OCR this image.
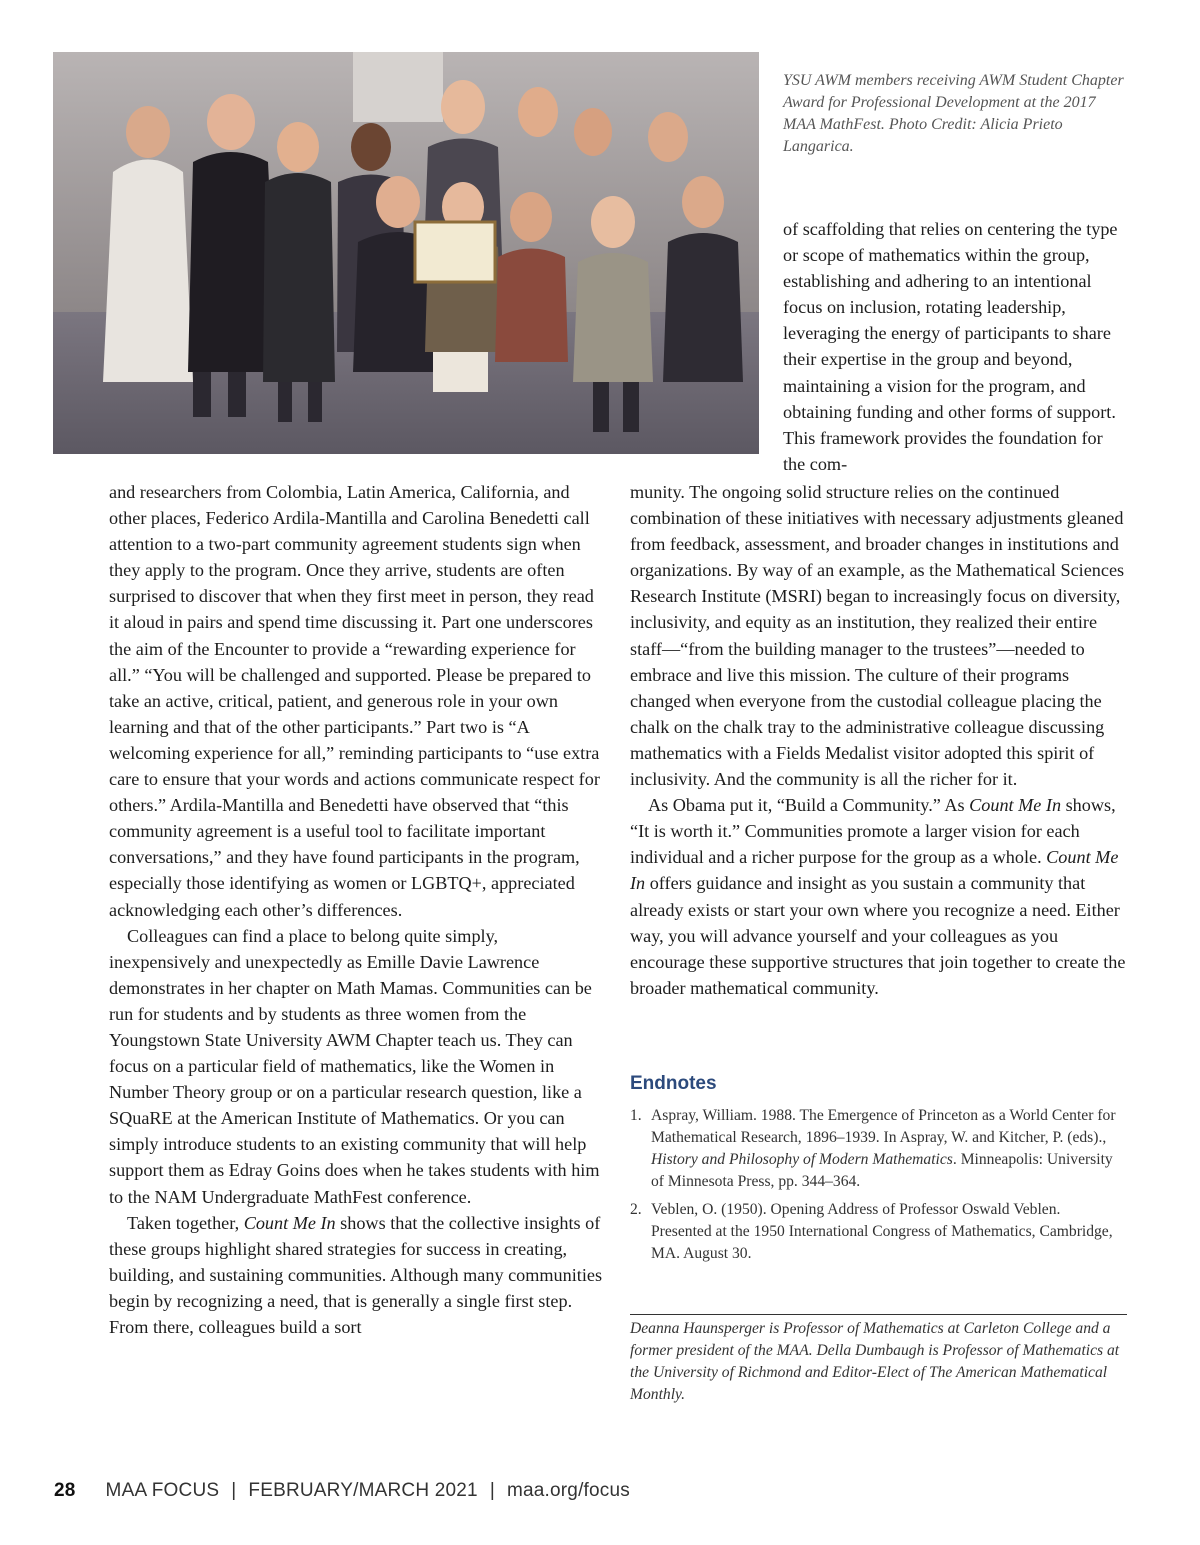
YSU AWM members receiving AWM Student Chapter Award for Professional Development at the 2017 MAA MathFest. Photo Credit: Alicia Prieto Langarica.

of scaffolding that relies on centering the type or scope of mathematics within the group, establishing and adhering to an intentional focus on inclusion, rotating leadership, leveraging the energy of participants to share their expertise in the group and beyond, maintaining a vision for the program, and obtaining funding and other forms of support. This framework provides the foundation for the com-

and researchers from Colombia, Latin America, California, and other places, Federico Ardila-Mantilla and Carolina Benedetti call attention to a two-part community agreement students sign when they apply to the program. Once they arrive, students are often surprised to discover that when they first meet in person, they read it aloud in pairs and spend time discussing it. Part one underscores the aim of the Encounter to provide a “rewarding experience for all.” “You will be challenged and supported. Please be prepared to take an active, critical, patient, and generous role in your own learning and that of the other participants.” Part two is “A welcoming experience for all,” reminding participants to “use extra care to ensure that your words and actions communicate respect for others.” Ardila-Mantilla and Benedetti have observed that “this community agreement is a useful tool to facilitate important conversations,” and they have found participants in the program, especially those identifying as women or LGBTQ+, appreciated acknowledging each other’s differences.

Colleagues can find a place to belong quite simply, inexpensively and unexpectedly as Emille Davie Lawrence demonstrates in her chapter on Math Mamas. Communities can be run for students and by students as three women from the Youngstown State University AWM Chapter teach us. They can focus on a particular field of mathematics, like the Women in Number Theory group or on a particular research question, like a SQuaRE at the American Institute of Mathematics. Or you can simply introduce students to an existing community that will help support them as Edray Goins does when he takes students with him to the NAM Undergraduate MathFest conference.

Taken together, Count Me In shows that the collective insights of these groups highlight shared strategies for success in creating, building, and sustaining communities. Although many communities begin by recognizing a need, that is generally a single first step. From there, colleagues build a sort

munity. The ongoing solid structure relies on the continued combination of these initiatives with necessary adjustments gleaned from feedback, assessment, and broader changes in institutions and organizations. By way of an example, as the Mathematical Sciences Research Institute (MSRI) began to increasingly focus on diversity, inclusivity, and equity as an institution, they realized their entire staff—“from the building manager to the trustees”—needed to embrace and live this mission. The culture of their programs changed when everyone from the custodial colleague placing the chalk on the chalk tray to the administrative colleague discussing mathematics with a Fields Medalist visitor adopted this spirit of inclusivity. And the community is all the richer for it.

As Obama put it, “Build a Community.” As Count Me In shows, “It is worth it.” Communities promote a larger vision for each individual and a richer purpose for the group as a whole. Count Me In offers guidance and insight as you sustain a community that already exists or start your own where you recognize a need. Either way, you will advance yourself and your colleagues as you encourage these supportive structures that join together to create the broader mathematical community.

Endnotes
1. Aspray, William. 1988. The Emergence of Princeton as a World Center for Mathematical Research, 1896–1939. In Aspray, W. and Kitcher, P. (eds)., History and Philosophy of Modern Mathematics. Minneapolis: University of Minnesota Press, pp. 344–364.
2. Veblen, O. (1950). Opening Address of Professor Oswald Veblen. Presented at the 1950 International Congress of Mathematics, Cambridge, MA. August 30.
Deanna Haunsperger is Professor of Mathematics at Carleton College and a former president of the MAA. Della Dumbaugh is Professor of Mathematics at the University of Richmond and Editor-Elect of The American Mathematical Monthly.
28 MAA FOCUS | FEBRUARY/MARCH 2021 | maa.org/focus
